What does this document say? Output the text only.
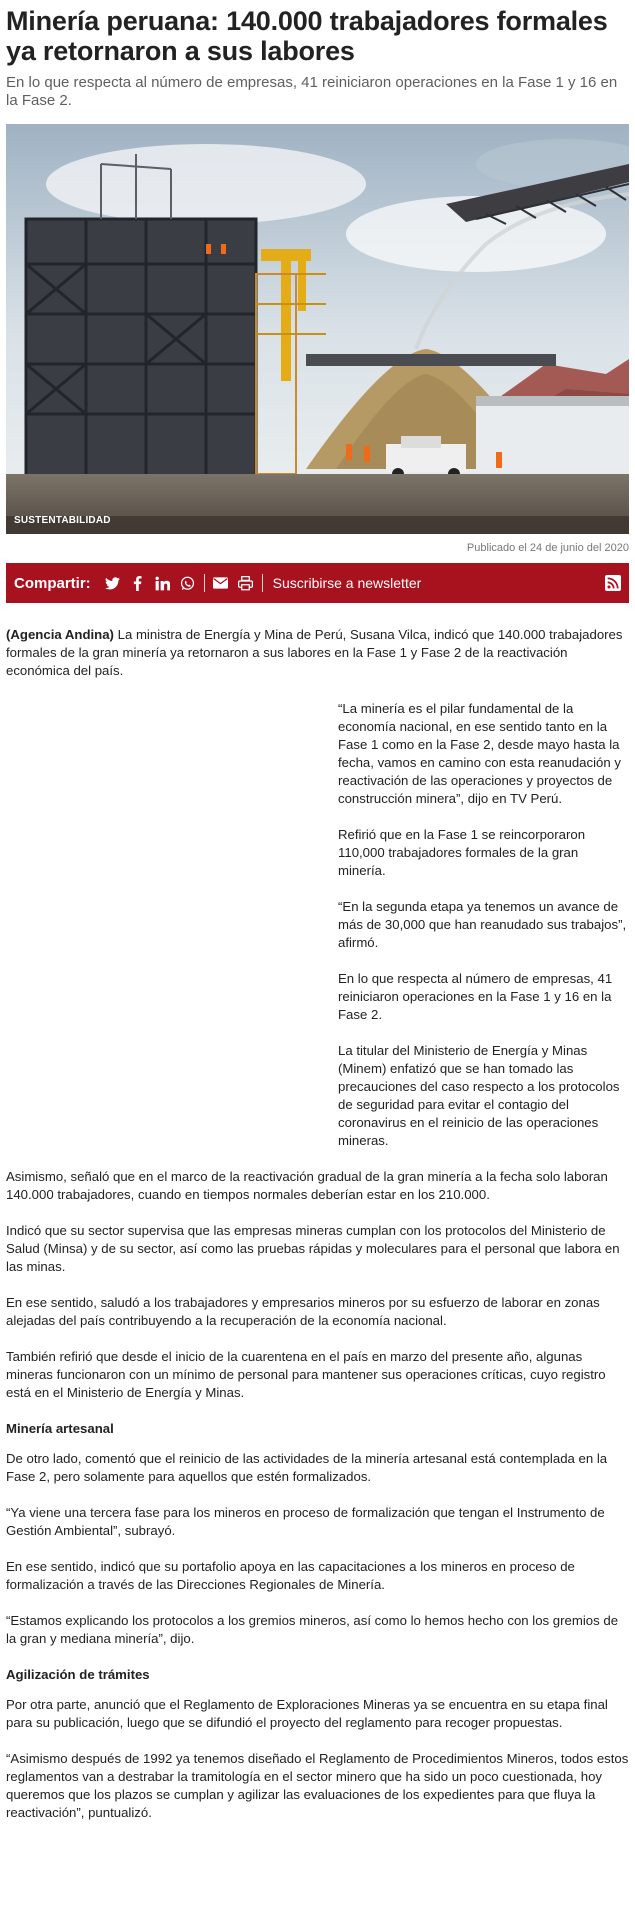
Minería peruana: 140.000 trabajadores formales ya retornaron a sus labores

En lo que respecta al número de empresas, 41 reiniciaron operaciones en la Fase 1 y 16 en la Fase 2.

SUSTENTABILIDAD

Publicado el 24 de junio del 2020

Compartir:	Suscribirse a newsletter

(Agencia Andina) La ministra de Energía y Mina de Perú, Susana Vilca, indicó que 140.000 trabajadores formales de la gran minería ya retornaron a sus labores en la Fase 1 y Fase 2 de la reactivación económica del país.

“La minería es el pilar fundamental de la economía nacional, en ese sentido tanto en la Fase 1 como en la Fase 2, desde mayo hasta la fecha, vamos en camino con esta reanudación y reactivación de las operaciones y proyectos de construcción minera”, dijo en TV Perú.

Refirió que en la Fase 1 se reincorporaron 110,000 trabajadores formales de la gran minería.

“En la segunda etapa ya tenemos un avance de más de 30,000 que han reanudado sus trabajos”, afirmó.

En lo que respecta al número de empresas, 41 reiniciaron operaciones en la Fase 1 y 16 en la Fase 2.

La titular del Ministerio de Energía y Minas (Minem) enfatizó que se han tomado las precauciones del caso respecto a los protocolos de seguridad para evitar el contagio del coronavirus en el reinicio de las operaciones mineras.

Asimismo, señaló que en el marco de la reactivación gradual de la gran minería a la fecha solo laboran 140.000 trabajadores, cuando en tiempos normales deberían estar en los 210.000.

Indicó que su sector supervisa que las empresas mineras cumplan con los protocolos del Ministerio de Salud (Minsa) y de su sector, así como las pruebas rápidas y moleculares para el personal que labora en las minas.

En ese sentido, saludó a los trabajadores y empresarios mineros por su esfuerzo de laborar en zonas alejadas del país contribuyendo a la recuperación de la economía nacional.

También refirió que desde el inicio de la cuarentena en el país en marzo del presente año, algunas mineras funcionaron con un mínimo de personal para mantener sus operaciones críticas, cuyo registro está en el Ministerio de Energía y Minas.

Minería artesanal

De otro lado, comentó que el reinicio de las actividades de la minería artesanal está contemplada en la Fase 2, pero solamente para aquellos que estén formalizados.

“Ya viene una tercera fase para los mineros en proceso de formalización que tengan el Instrumento de Gestión Ambiental”, subrayó.

En ese sentido, indicó que su portafolio apoya en las capacitaciones a los mineros en proceso de formalización a través de las Direcciones Regionales de Minería.

“Estamos explicando los protocolos a los gremios mineros, así como lo hemos hecho con los gremios de la gran y mediana minería”, dijo.

Agilización de trámites

Por otra parte, anunció que el Reglamento de Exploraciones Mineras ya se encuentra en su etapa final para su publicación, luego que se difundió el proyecto del reglamento para recoger propuestas.

“Asimismo después de 1992 ya tenemos diseñado el Reglamento de Procedimientos Mineros, todos estos reglamentos van a destrabar la tramitología en el sector minero que ha sido un poco cuestionada, hoy queremos que los plazos se cumplan y agilizar las evaluaciones de los expedientes para que fluya la reactivación”, puntualizó.
